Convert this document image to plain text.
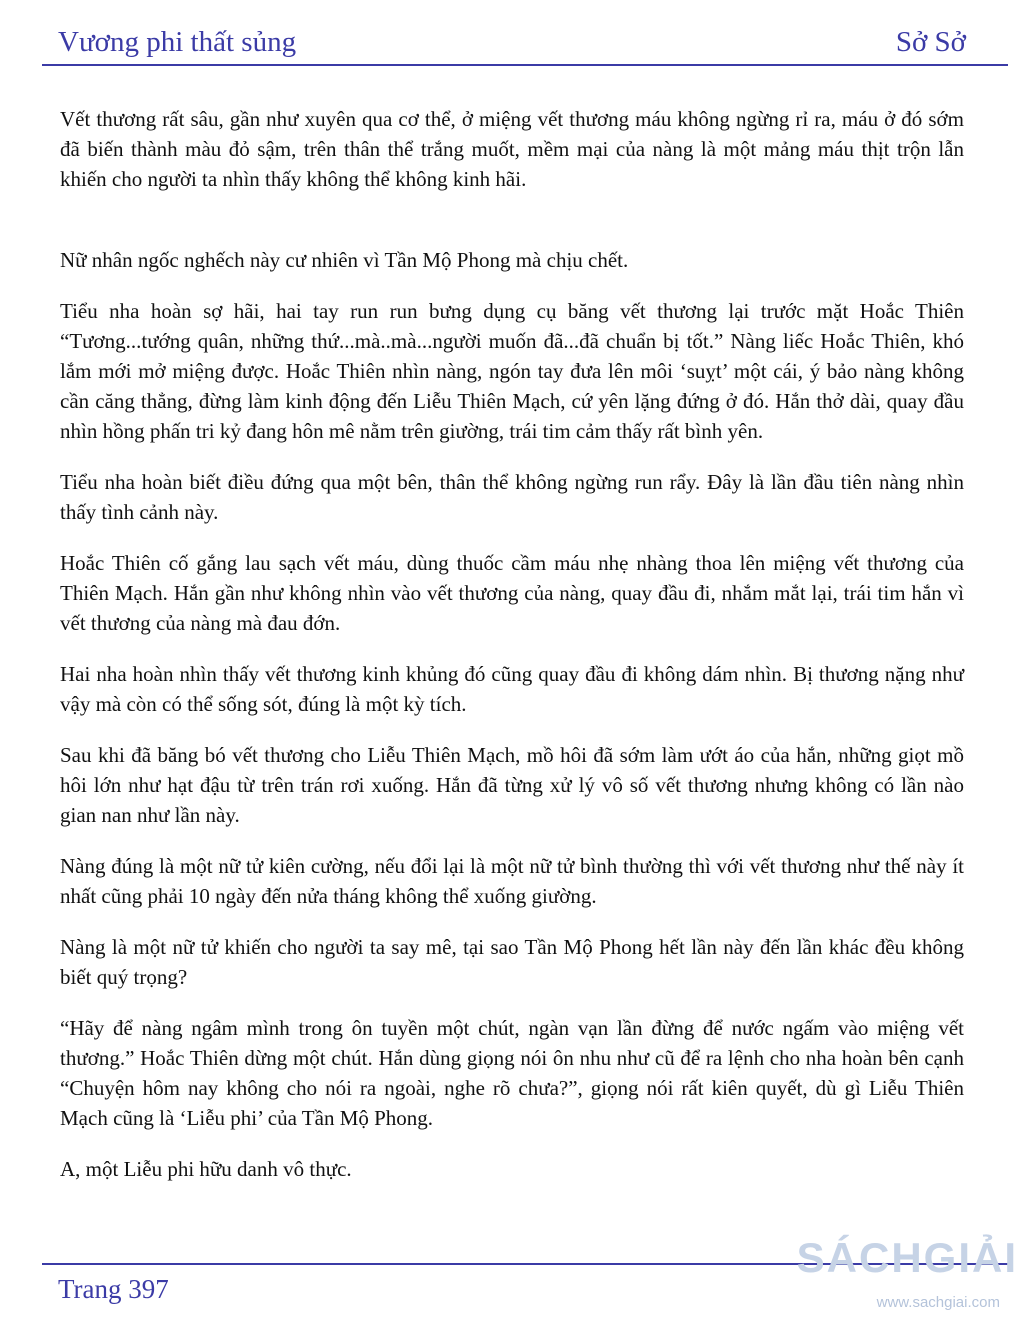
Vương phi thất sủng	Sở Sở

Vết thương rất sâu, gần như xuyên qua cơ thể, ở miệng vết thương máu không ngừng rỉ ra, máu ở đó sớm đã biến thành màu đỏ sậm, trên thân thể trắng muốt, mềm mại của nàng là một mảng máu thịt trộn lẫn khiến cho người ta nhìn thấy không thể không kinh hãi.

Nữ nhân ngốc nghếch này cư nhiên vì Tần Mộ Phong mà chịu chết.

Tiểu nha hoàn sợ hãi, hai tay run run bưng dụng cụ băng vết thương lại trước mặt Hoắc Thiên “Tương...tướng quân, những thứ...mà..mà...người muốn đã...đã chuẩn bị tốt.” Nàng liếc Hoắc Thiên, khó lắm mới mở miệng được. Hoắc Thiên nhìn nàng, ngón tay đưa lên môi ‘suỵt’ một cái, ý bảo nàng không cần căng thẳng, đừng làm kinh động đến Liễu Thiên Mạch, cứ yên lặng đứng ở đó. Hắn thở dài, quay đầu nhìn hồng phấn tri kỷ đang hôn mê nằm trên giường, trái tim cảm thấy rất bình yên.

Tiểu nha hoàn biết điều đứng qua một bên, thân thể không ngừng run rẩy. Đây là lần đầu tiên nàng nhìn thấy tình cảnh này.

Hoắc Thiên cố gắng lau sạch vết máu, dùng thuốc cầm máu nhẹ nhàng thoa lên miệng vết thương của Thiên Mạch. Hắn gần như không nhìn vào vết thương của nàng, quay đầu đi, nhắm mắt lại, trái tim hắn vì vết thương của nàng mà đau đớn.

Hai nha hoàn nhìn thấy vết thương kinh khủng đó cũng quay đầu đi không dám nhìn. Bị thương nặng như vậy mà còn có thể sống sót, đúng là một kỳ tích.

Sau khi đã băng bó vết thương cho Liễu Thiên Mạch, mồ hôi đã sớm làm ướt áo của hắn, những giọt mồ hôi lớn như hạt đậu từ trên trán rơi xuống. Hắn đã từng xử lý vô số vết thương nhưng không có lần nào gian nan như lần này.

Nàng đúng là một nữ tử kiên cường, nếu đổi lại là một nữ tử bình thường thì với vết thương như thế này ít nhất cũng phải 10 ngày đến nửa tháng không thể xuống giường.

Nàng là một nữ tử khiến cho người ta say mê, tại sao Tần Mộ Phong hết lần này đến lần khác đều không biết quý trọng?

“Hãy để nàng ngâm mình trong ôn tuyền một chút, ngàn vạn lần đừng để nước ngấm vào miệng vết thương.” Hoắc Thiên dừng một chút. Hắn dùng giọng nói ôn nhu như cũ để ra lệnh cho nha hoàn bên cạnh “Chuyện hôm nay không cho nói ra ngoài, nghe rõ chưa?”, giọng nói rất kiên quyết, dù gì Liễu Thiên Mạch cũng là ‘Liễu phi’ của Tần Mộ Phong.

A, một Liễu phi hữu danh vô thực.

Trang 397
SÁCHGIẢI
www.sachgiai.com
